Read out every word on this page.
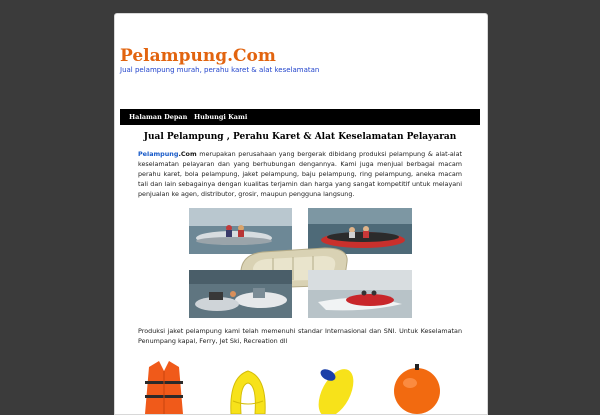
Pelampung.Com
Jual pelampung murah, perahu karet & alat keselamatan
Halaman Depan Hubungi Kami
Jual Pelampung , Perahu Karet & Alat Keselamatan Pelayaran

Pelampung.Com merupakan perusahaan yang bergerak dibidang produksi pelampung & alat-alat keselamatan pelayaran dan yang berhubungan dengannya. Kami juga menjual berbagai macam perahu karet, bola pelampung, jaket pelampung, baju pelampung, ring pelampung, aneka macam tali dan lain sebagainya dengan kualitas terjamin dan harga yang sangat kompetitif untuk melayani penjualan ke agen, distributor, grosir, maupun pengguna langsung.

Produksi jaket pelampung kami telah memenuhi standar Internasional dan SNI. Untuk Keselamatan Penumpang kapal, Ferry, Jet Ski, Recreation dll
